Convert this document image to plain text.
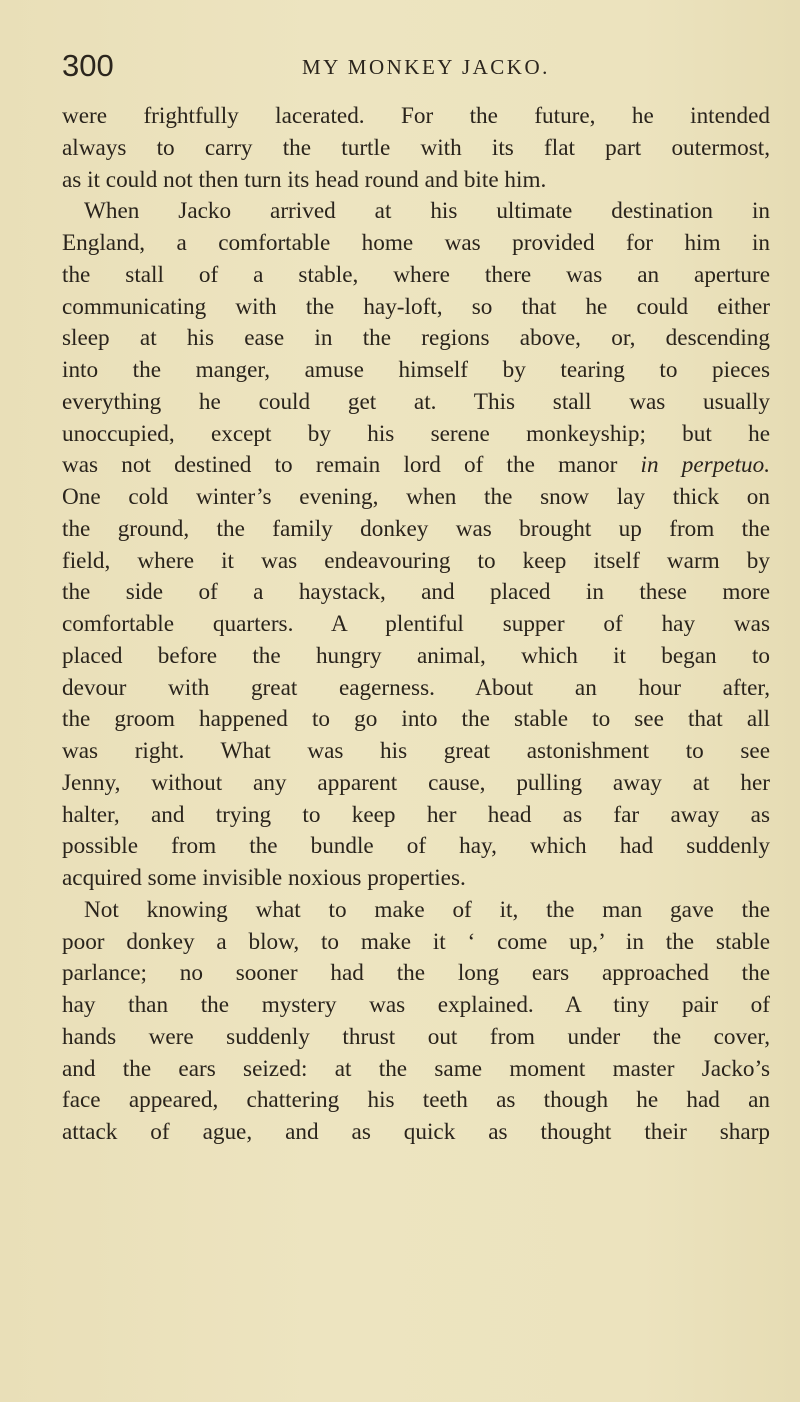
300	MY MONKEY JACKO.
were frightfully lacerated. For the future, he intended
always to carry the turtle with its flat part outermost,
as it could not then turn its head round and bite him.
When Jacko arrived at his ultimate destination in
England, a comfortable home was provided for him in
the stall of a stable, where there was an aperture
communicating with the hay-loft, so that he could either
sleep at his ease in the regions above, or, descending
into the manger, amuse himself by tearing to pieces
everything he could get at. This stall was usually
unoccupied, except by his serene monkeyship; but he
was not destined to remain lord of the manor in perpetuo.
One cold winter’s evening, when the snow lay thick on
the ground, the family donkey was brought up from the
field, where it was endeavouring to keep itself warm by
the side of a haystack, and placed in these more
comfortable quarters. A plentiful supper of hay was
placed before the hungry animal, which it began to
devour with great eagerness. About an hour after,
the groom happened to go into the stable to see that all
was right. What was his great astonishment to see
Jenny, without any apparent cause, pulling away at her
halter, and trying to keep her head as far away as
possible from the bundle of hay, which had suddenly
acquired some invisible noxious properties.
Not knowing what to make of it, the man gave the
poor donkey a blow, to make it ‘ come up,’ in the stable
parlance; no sooner had the long ears approached the
hay than the mystery was explained. A tiny pair of
hands were suddenly thrust out from under the cover,
and the ears seized: at the same moment master Jacko’s
face appeared, chattering his teeth as though he had an
attack of ague, and as quick as thought their sharp
